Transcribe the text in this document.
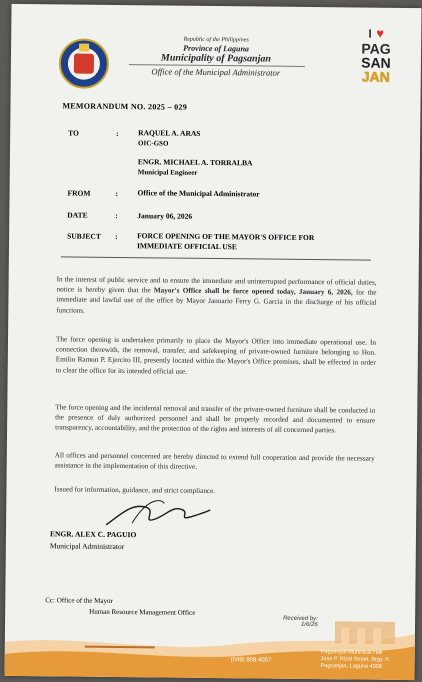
Republic of the Philippines
Province of Laguna
Municipality of Pagsanjan
Office of the Municipal Administrator
I ♥
PAG
SAN
JAN
MEMORANDUM NO. 2025 – 029
TO	:	RAQUEL A. ARAS
OIC-GSO
ENGR. MICHAEL A. TORRALBA
Municipal Engineer
FROM	:	Office of the Municipal Administrator
DATE	:	January 06, 2026
SUBJECT :	FORCE OPENING OF THE MAYOR'S OFFICE FOR
IMMEDIATE OFFICIAL USE
In the interest of public service and to ensure the immediate and uninterrupted performance of official duties, notice is hereby given that the Mayor's Office shall be force opened today, January 6, 2026, for the immediate and lawful use of the office by Mayor Januario Ferry G. Garcia in the discharge of his official functions.
The force opening is undertaken primarily to place the Mayor's Office into immediate operational use. In connection therewith, the removal, transfer, and safekeeping of private-owned furniture belonging to Hon. Emilio Ramon P. Ejercito III, presently located within the Mayor's Office premises, shall be effected in order to clear the office for its intended official use.
The force opening and the incidental removal and transfer of the private-owned furniture shall be conducted in the presence of duly authorized personnel and shall be properly recorded and documented to ensure transparency, accountability, and the protection of the rights and interests of all concerned parties.
All offices and personnel concerned are hereby directed to extend full cooperation and provide the necessary assistance in the implementation of this directive.
Issued for information, guidance, and strict compliance.
ENGR. ALEX C. PAGUIO
Municipal Administrator
Cc: Office of the Mayor
Human Resource Management Office
Received by:
1/6/26
(049) 808 4057
Pagsanjan Municipal Hall
Jose P. Rizal Street, Brgy. P.
Pagsanjan, Laguna 4008
